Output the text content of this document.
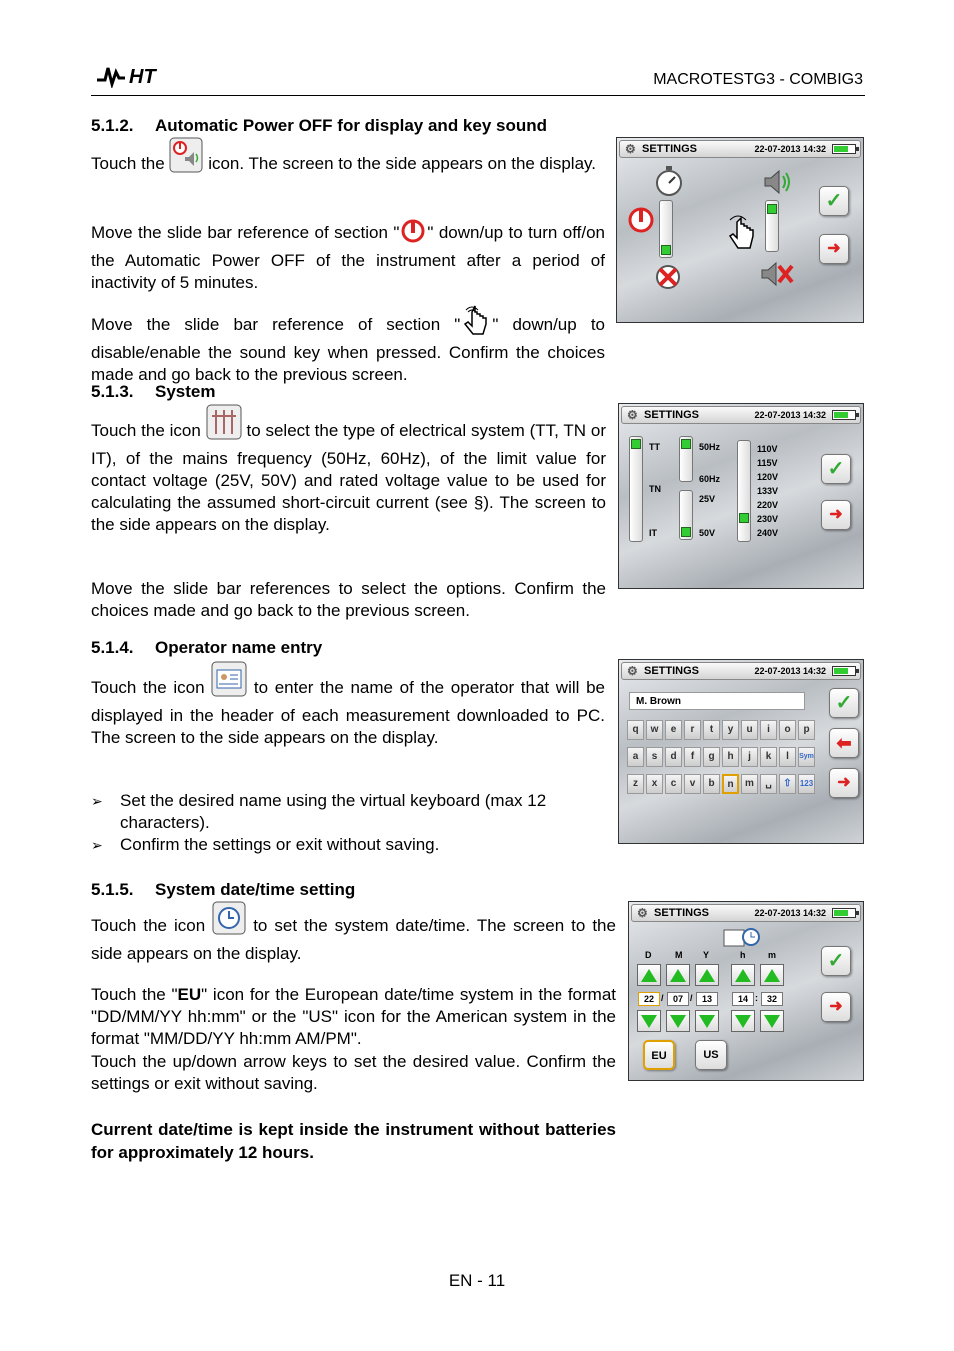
HT	MACROTESTG3 - COMBIG3
5.1.2. Automatic Power OFF for display and key sound
Touch the	icon. The screen to the side appears on the display.
Move the slide bar reference of section " " down/up to turn off/on the Automatic Power OFF of the instrument after a period of inactivity of 5 minutes.
Move the slide bar reference of section " " down/up to disable/enable the sound key when pressed. Confirm the choices made and go back to the previous screen.
⚙ SETTINGS	22-07-2013 14:32
✓
➜
5.1.3. System
Touch the icon	to select the type of electrical system (TT, TN or IT), of the mains frequency (50Hz, 60Hz), of the limit value for contact voltage (25V, 50V) and rated voltage value to be used for calculating the assumed short-circuit current (see §). The screen to the side appears on the display.
Move the slide bar references to select the options. Confirm the choices made and go back to the previous screen.
⚙ SETTINGS	22-07-2013 14:32
TT
TN
IT
50Hz
60Hz
25V
50V
110V
115V
120V
133V
220V
230V
240V
✓
➜
5.1.4. Operator name entry
Touch the icon	to enter the name of the operator that will be displayed in the header of each measurement downloaded to PC. The screen to the side appears on the display.
➢ Set the desired name using the virtual keyboard (max 12 characters).
➢ Confirm the settings or exit without saving.
⚙ SETTINGS	22-07-2013 14:32
M. Brown
q	w	e	r	t	y	u	i	o	p
a	s	d	f	g	h	j	k	l	Sym
z	x	c	v	b	n	m	␣	⇧	123
✓
⬅
➜
5.1.5. System date/time setting
Touch the icon	to set the system date/time. The screen to the side appears on the display.
Touch the "EU" icon for the European date/time system in the format "DD/MM/YY hh:mm" or the "US" icon for the American system in the format "MM/DD/YY hh:mm AM/PM".
Touch the up/down arrow keys to set the desired value. Confirm the settings or exit without saving.
Current date/time is kept inside the instrument without batteries for approximately 12 hours.
⚙ SETTINGS	22-07-2013 14:32
D	M Y	h	m
22 /	07 /	13	14 : 32
EU	US
✓
➜
EN - 11
